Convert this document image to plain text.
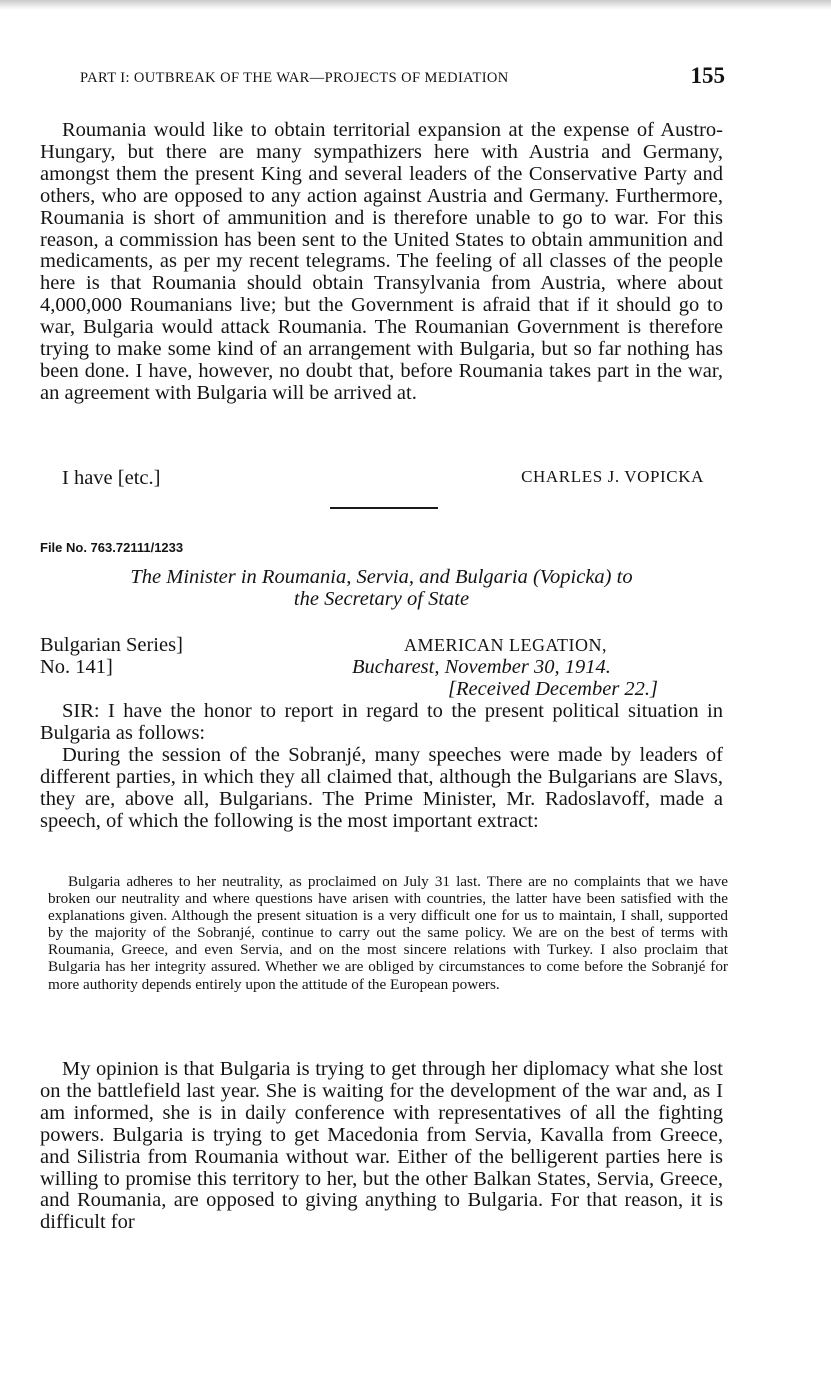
PART I: OUTBREAK OF THE WAR—PROJECTS OF MEDIATION	155

Roumania would like to obtain territorial expansion at the expense of Austro-Hungary, but there are many sympathizers here with Austria and Germany, amongst them the present King and several leaders of the Conservative Party and others, who are opposed to any action against Austria and Germany. Furthermore, Roumania is short of ammunition and is therefore unable to go to war. For this reason, a commission has been sent to the United States to obtain ammunition and medicaments, as per my recent telegrams. The feeling of all classes of the people here is that Roumania should obtain Transylvania from Austria, where about 4,000,000 Roumanians live; but the Government is afraid that if it should go to war, Bulgaria would attack Roumania. The Roumanian Government is therefore trying to make some kind of an arrangement with Bulgaria, but so far nothing has been done. I have, however, no doubt that, before Roumania takes part in the war, an agreement with Bulgaria will be arrived at.

I have [etc.]	CHARLES J. VOPICKA
File No. 763.72111/1233
The Minister in Roumania, Servia, and Bulgaria (Vopicka) to
the Secretary of State
Bulgarian Series]
No. 141]
AMERICAN LEGATION,
Bucharest, November 30, 1914.
[Received December 22.]

SIR: I have the honor to report in regard to the present political situation in Bulgaria as follows:

During the session of the Sobranjé, many speeches were made by leaders of different parties, in which they all claimed that, although the Bulgarians are Slavs, they are, above all, Bulgarians. The Prime Minister, Mr. Radoslavoff, made a speech, of which the following is the most important extract:

Bulgaria adheres to her neutrality, as proclaimed on July 31 last. There are no complaints that we have broken our neutrality and where questions have arisen with countries, the latter have been satisfied with the explanations given. Although the present situation is a very difficult one for us to maintain, I shall, supported by the majority of the Sobranjé, continue to carry out the same policy. We are on the best of terms with Roumania, Greece, and even Servia, and on the most sincere relations with Turkey. I also proclaim that Bulgaria has her integrity assured. Whether we are obliged by circumstances to come before the Sobranjé for more authority depends entirely upon the attitude of the European powers.

My opinion is that Bulgaria is trying to get through her diplomacy what she lost on the battlefield last year. She is waiting for the development of the war and, as I am informed, she is in daily conference with representatives of all the fighting powers. Bulgaria is trying to get Macedonia from Servia, Kavalla from Greece, and Silistria from Roumania without war. Either of the belligerent parties here is willing to promise this territory to her, but the other Balkan States, Servia, Greece, and Roumania, are opposed to giving anything to Bulgaria. For that reason, it is difficult for
